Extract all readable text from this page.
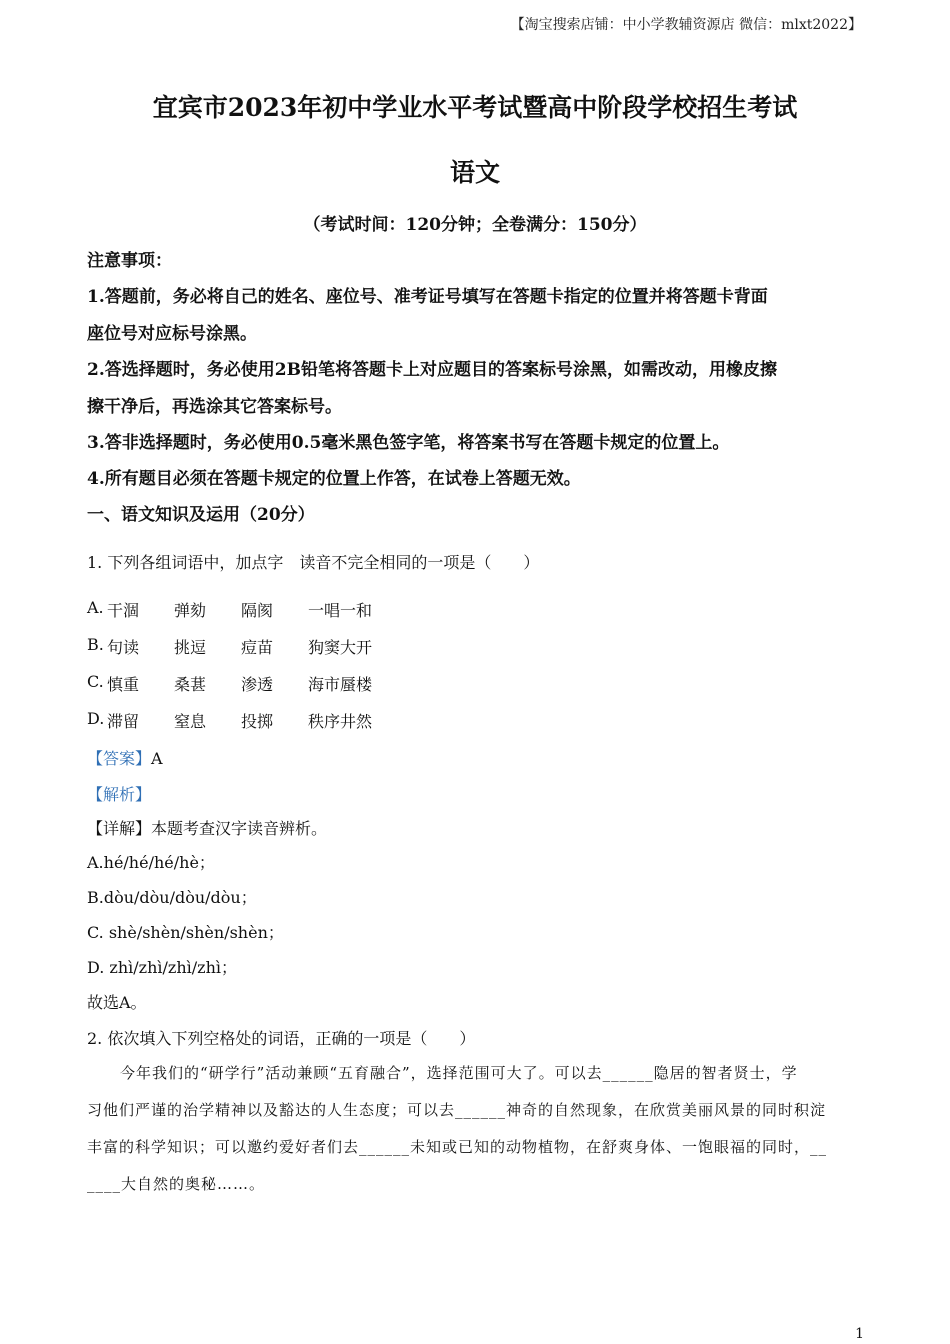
【淘宝搜索店铺：中小学教辅资源店 微信：mlxt2022】
宜宾市2023年初中学业水平考试暨高中阶段学校招生考试
语文
（考试时间：120分钟；全卷满分：150分）
注意事项：
1.答题前，务必将自己的姓名、座位号、准考证号填写在答题卡指定的位置并将答题卡背面
座位号对应标号涂黑。
2.答选择题时，务必使用2B铅笔将答题卡上对应题目的答案标号涂黑，如需改动，用橡皮擦
擦干净后，再选涂其它答案标号。
3.答非选择题时，务必使用0.5毫米黑色签字笔，将答案书写在答题卡规定的位置上。
4.所有题目必须在答题卡规定的位置上作答，在试卷上答题无效。
一、语文知识及运用（20分）
1. 下列各组词语中，加点字　读音不完全相同的一项是（　　）
A. 干涸 弹劾 隔阂 一唱一和
B. 句读 挑逗 痘苗 狗窦大开
C. 慎重 桑葚 渗透 海市蜃楼
D. 滞留 窒息 投掷 秩序井然
【答案】A
【解析】
【详解】本题考查汉字读音辨析。
A.hé/hé/hé/hè；
B.dòu/dòu/dòu/dòu；
C. shè/shèn/shèn/shèn；
D. zhì/zhì/zhì/zhì；
故选A。
2. 依次填入下列空格处的词语，正确的一项是（　　）
今年我们的“研学行”活动兼顾“五育融合”，选择范围可大了。可以去______隐居的智者贤士，学
习他们严谨的治学精神以及豁达的人生态度；可以去______神奇的自然现象，在欣赏美丽风景的同时积淀
丰富的科学知识；可以邀约爱好者们去______未知或已知的动物植物，在舒爽身体、一饱眼福的同时，__
____大自然的奥秘……。
1
